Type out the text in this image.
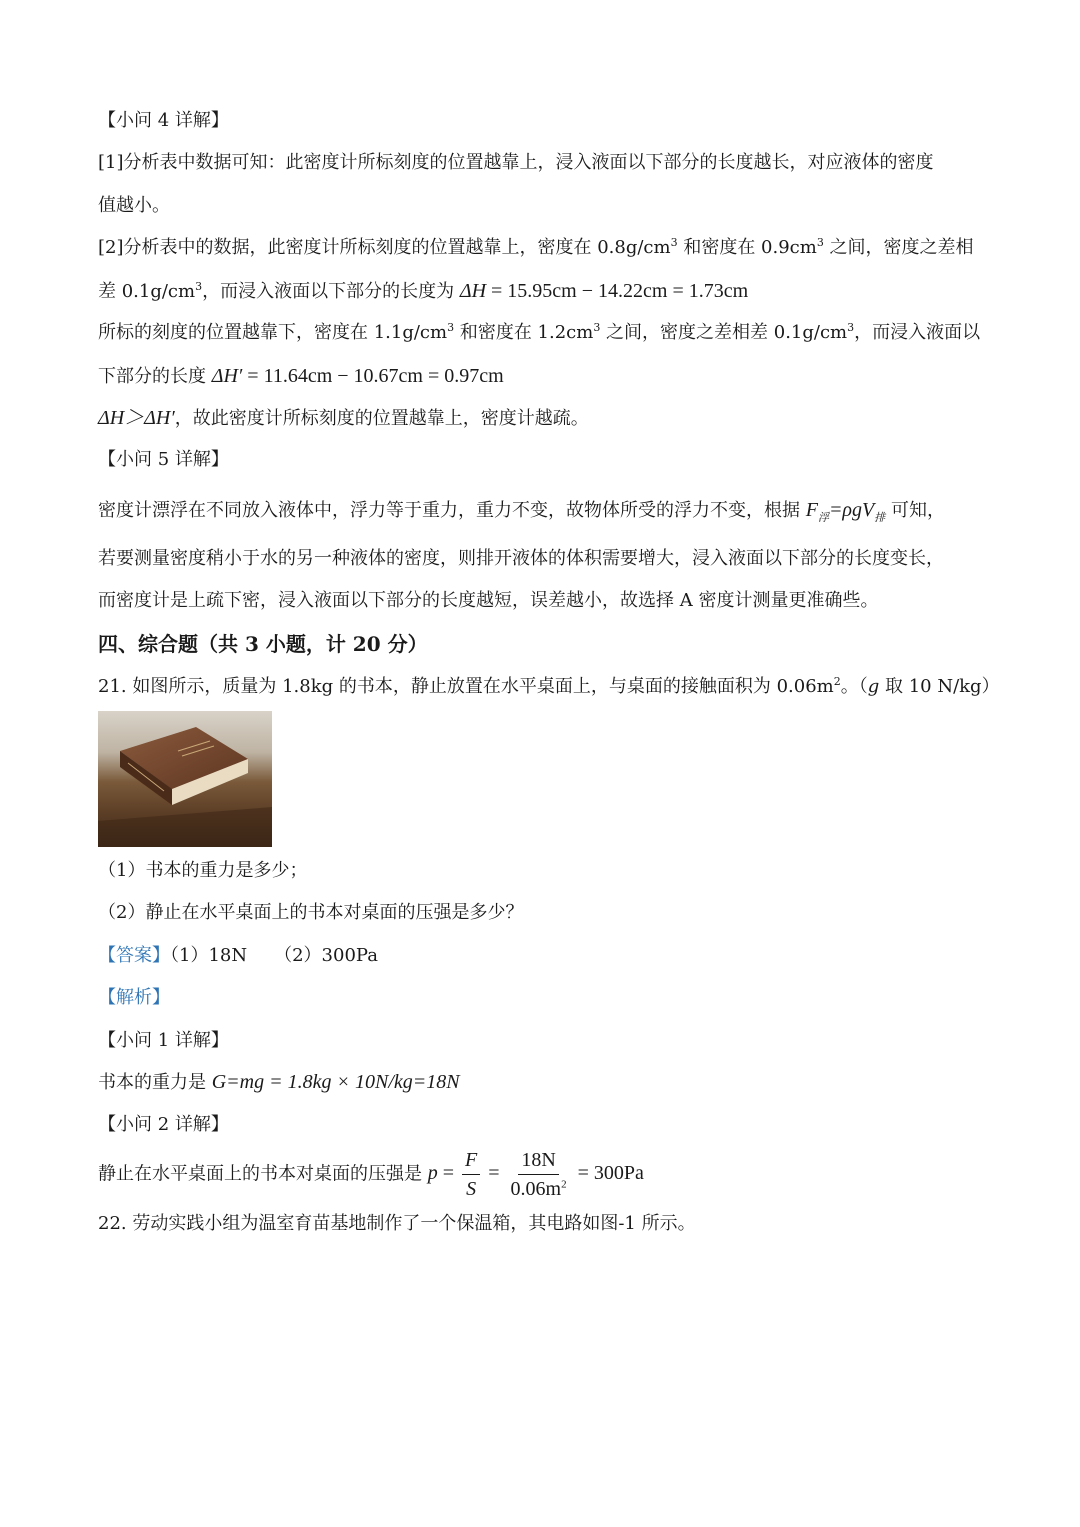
【小问 4 详解】
[1]分析表中数据可知：此密度计所标刻度的位置越靠上，浸入液面以下部分的长度越长，对应液体的密度
值越小。
[2]分析表中的数据，此密度计所标刻度的位置越靠上，密度在 $0.8g/cm^3$ 和密度在 $0.9cm^3$ 之间，密度之差相
差 $0.1g/cm^3$，而浸入液面以下部分的长度为 ΔH = 15.95cm − 14.22cm = 1.73cm
所标的刻度的位置越靠下，密度在 $1.1g/cm^3$ 和密度在 $1.2cm^3$ 之间，密度之差相差 $0.1g/cm^3$，而浸入液面以
下部分的长度 ΔH′ = 11.64cm − 10.67cm = 0.97cm
ΔH＞ΔH′，故此密度计所标刻度的位置越靠上，密度计越疏。
【小问 5 详解】
密度计漂浮在不同放入液体中，浮力等于重力，重力不变，故物体所受的浮力不变，根据 $F_浮=\rho gV_排$ 可知，
若要测量密度稍小于水的另一种液体的密度，则排开液体的体积需要增大，浸入液面以下部分的长度变长，
而密度计是上疏下密，浸入液面以下部分的长度越短，误差越小，故选择 A 密度计测量更准确些。
四、综合题（共 3 小题，计 20 分）
21. 如图所示，质量为 1.8kg 的书本，静止放置在水平桌面上，与桌面的接触面积为 $0.06m^2$。（g 取 10 N/kg）
（1）书本的重力是多少；
（2）静止在水平桌面上的书本对桌面的压强是多少？
【答案】（1）18N　　（2）300Pa
【解析】
【小问 1 详解】
书本的重力是 G=mg = 1.8kg × 10N/kg=18N
【小问 2 详解】
静止在水平桌面上的书本对桌面的压强是 $p = \frac{F}{S} = \frac{18N}{0.06m^2} = 300Pa$
22. 劳动实践小组为温室育苗基地制作了一个保温箱，其电路如图-1 所示。
